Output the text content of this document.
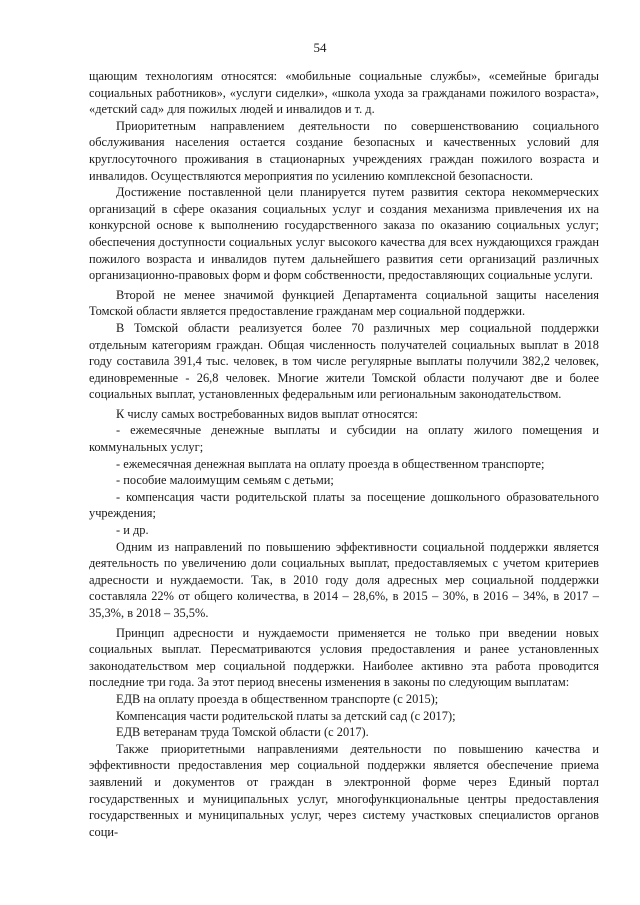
54

щающим технологиям относятся: «мобильные социальные службы», «семейные бригады социальных работников», «услуги сиделки», «школа ухода за гражданами пожилого возраста», «детский сад» для пожилых людей и инвалидов и т. д.

Приоритетным направлением деятельности по совершенствованию социального обслуживания населения остается создание безопасных и качественных условий для круглосуточного проживания в стационарных учреждениях граждан пожилого возраста и инвалидов. Осуществляются мероприятия по усилению комплексной безопасности.

Достижение поставленной цели планируется путем развития сектора некоммерческих организаций в сфере оказания социальных услуг и создания механизма привлечения их на конкурсной основе к выполнению государственного заказа по оказанию социальных услуг; обеспечения доступности социальных услуг высокого качества для всех нуждающихся граждан пожилого возраста и инвалидов путем дальнейшего развития сети организаций различных организационно-правовых форм и форм собственности, предоставляющих социальные услуги.

Второй не менее значимой функцией Департамента социальной защиты населения Томской области является предоставление гражданам мер социальной поддержки.

В Томской области реализуется более 70 различных мер социальной поддержки отдельным категориям граждан. Общая численность получателей социальных выплат в 2018 году составила 391,4 тыс. человек, в том числе регулярные выплаты получили 382,2 человек, единовременные - 26,8 человек. Многие жители Томской области получают две и более социальных выплат, установленных федеральным или региональным законодательством.

К числу самых востребованных видов выплат относятся:

- ежемесячные денежные выплаты и субсидии на оплату жилого помещения и коммунальных услуг;

- ежемесячная денежная выплата на оплату проезда в общественном транспорте;

- пособие малоимущим семьям с детьми;

- компенсация части родительской платы за посещение дошкольного образовательного учреждения;

- и др.

Одним из направлений по повышению эффективности социальной поддержки является деятельность по увеличению доли социальных выплат, предоставляемых с учетом критериев адресности и нуждаемости. Так, в 2010 году доля адресных мер социальной поддержки составляла 22% от общего количества, в 2014 – 28,6%, в 2015 – 30%, в 2016 – 34%, в 2017 – 35,3%, в 2018 – 35,5%.

Принцип адресности и нуждаемости применяется не только при введении новых социальных выплат. Пересматриваются условия предоставления и ранее установленных законодательством мер социальной поддержки. Наиболее активно эта работа проводится последние три года. За этот период внесены изменения в законы по следующим выплатам:

ЕДВ на оплату проезда в общественном транспорте (с 2015);

Компенсация части родительской платы за детский сад (с 2017);

ЕДВ ветеранам труда Томской области (с 2017).

Также приоритетными направлениями деятельности по повышению качества и эффективности предоставления мер социальной поддержки является обеспечение приема заявлений и документов от граждан в электронной форме через Единый портал государственных и муниципальных услуг, многофункциональные центры предоставления государственных и муниципальных услуг, через систему участковых специалистов органов соци-
